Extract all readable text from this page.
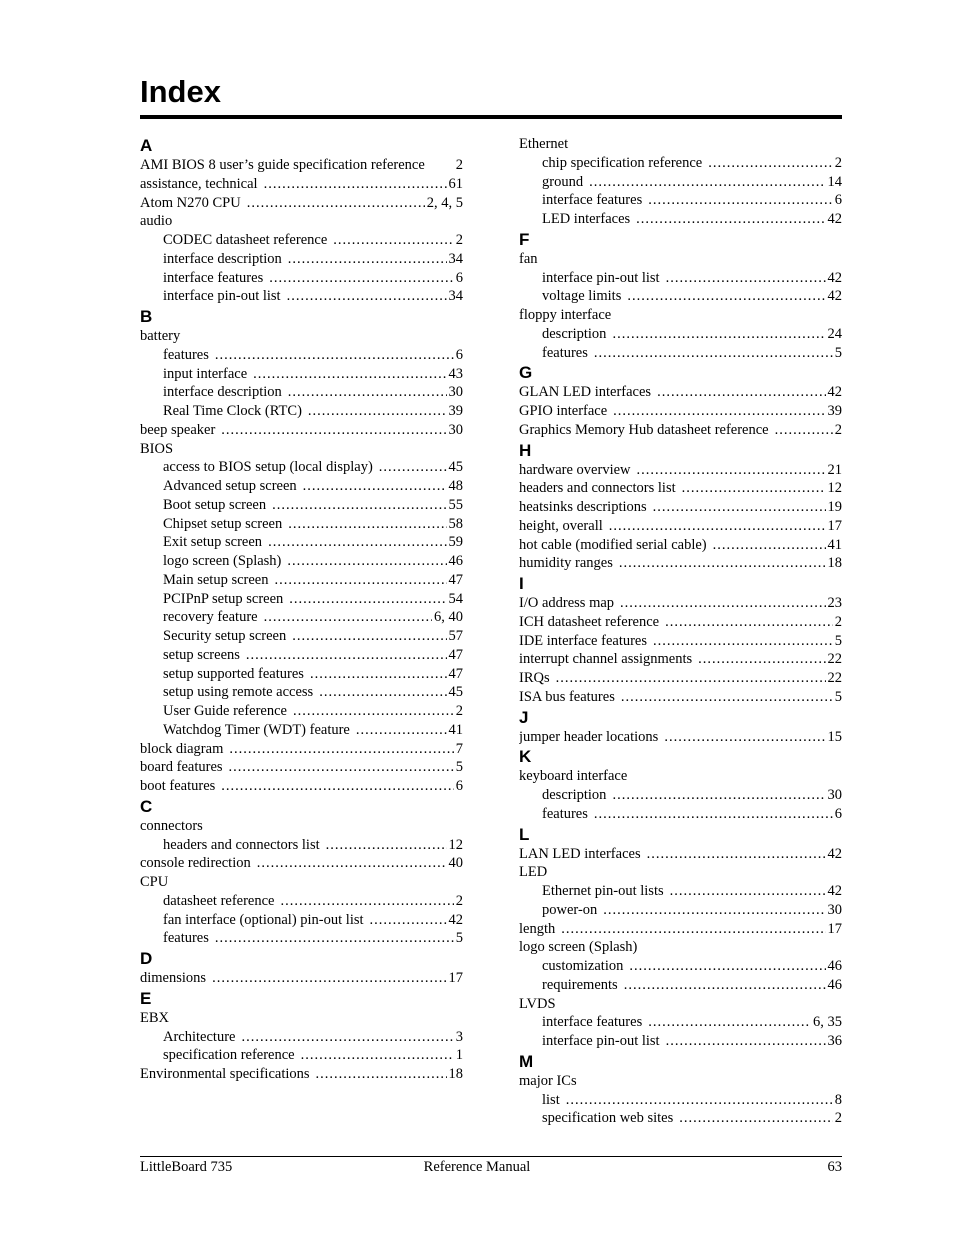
Index
A
AMI BIOS 8 user’s guide specification reference 2
assistance, technical .....	61
Atom N270 CPU .....	2, 4, 5
audio
CODEC datasheet reference .....	2
interface description .....	34
interface features .....	6
interface pin-out list .....	34
B
battery
features .....	6
input interface .....	43
interface description .....	30
Real Time Clock (RTC) .....	39
beep speaker .....	30
BIOS
access to BIOS setup (local display) .....	45
Advanced setup screen .....	48
Boot setup screen .....	55
Chipset setup screen .....	58
Exit setup screen .....	59
logo screen (Splash) .....	46
Main setup screen .....	47
PCIPnP setup screen .....	54
recovery feature .....	6, 40
Security setup screen .....	57
setup screens .....	47
setup supported features .....	47
setup using remote access .....	45
User Guide reference .....	2
Watchdog Timer (WDT) feature .....	41
block diagram .....	7
board features .....	5
boot features .....	6
C
connectors
headers and connectors list .....	12
console redirection .....	40
CPU
datasheet reference .....	2
fan interface (optional) pin-out list .....	42
features .....	5
D
dimensions .....	17
E
EBX
Architecture .....	3
specification reference .....	1
Environmental specifications .....	18
Ethernet
chip specification reference .....	2
ground .....	14
interface features .....	6
LED interfaces .....	42
F
fan
interface pin-out list .....	42
voltage limits .....	42
floppy interface
description .....	24
features .....	5
G
GLAN LED interfaces .....	42
GPIO interface .....	39
Graphics Memory Hub datasheet reference .....	2
H
hardware overview .....	21
headers and connectors list .....	12
heatsinks descriptions .....	19
height, overall .....	17
hot cable (modified serial cable) .....	41
humidity ranges .....	18
I
I/O address map .....	23
ICH datasheet reference .....	2
IDE interface features .....	5
interrupt channel assignments .....	22
IRQs .....	22
ISA bus features .....	5
J
jumper header locations .....	15
K
keyboard interface
description .....	30
features .....	6
L
LAN LED interfaces .....	42
LED
Ethernet pin-out lists .....	42
power-on .....	30
length .....	17
logo screen (Splash)
customization .....	46
requirements .....	46
LVDS
interface features .....	6, 35
interface pin-out list .....	36
M
major ICs
list .....	8
specification web sites .....	2
LittleBoard 735	Reference Manual	63
